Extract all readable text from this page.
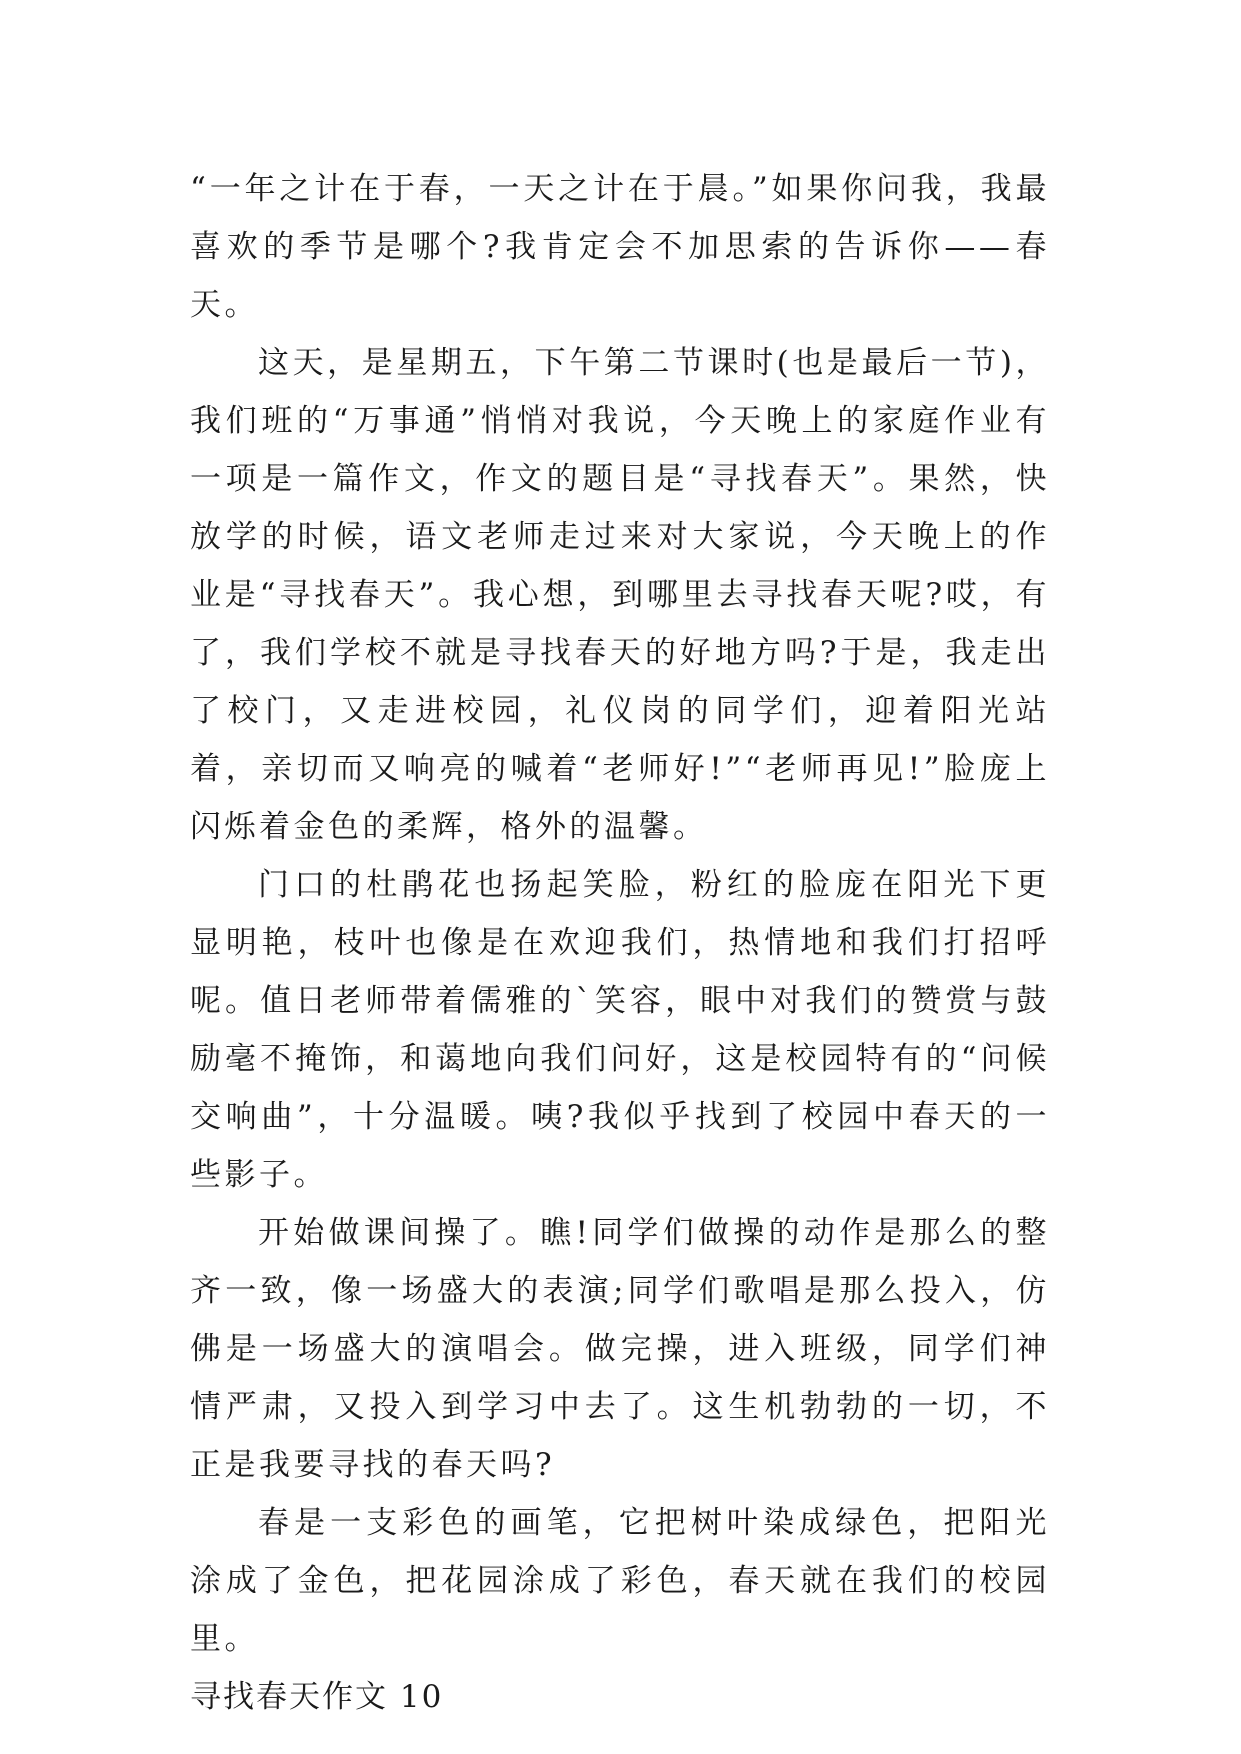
“一年之计在于春，一天之计在于晨。”如果你问我，我最喜欢的季节是哪个?我肯定会不加思索的告诉你——春天。

这天，是星期五，下午第二节课时(也是最后一节)，我们班的“万事通”悄悄对我说，今天晚上的家庭作业有一项是一篇作文，作文的题目是“寻找春天”。果然，快放学的时候，语文老师走过来对大家说，今天晚上的作业是“寻找春天”。我心想，到哪里去寻找春天呢?哎，有了，我们学校不就是寻找春天的好地方吗?于是，我走出了校门，又走进校园，礼仪岗的同学们，迎着阳光站着，亲切而又响亮的喊着“老师好!”“老师再见!”脸庞上闪烁着金色的柔辉，格外的温馨。

门口的杜鹃花也扬起笑脸，粉红的脸庞在阳光下更显明艳，枝叶也像是在欢迎我们，热情地和我们打招呼呢。值日老师带着儒雅的`笑容，眼中对我们的赞赏与鼓励毫不掩饰，和蔼地向我们问好，这是校园特有的“问候交响曲”，十分温暖。咦?我似乎找到了校园中春天的一些影子。

开始做课间操了。瞧!同学们做操的动作是那么的整齐一致，像一场盛大的表演;同学们歌唱是那么投入，仿佛是一场盛大的演唱会。做完操，进入班级，同学们神情严肃，又投入到学习中去了。这生机勃勃的一切，不正是我要寻找的春天吗?

春是一支彩色的画笔，它把树叶染成绿色，把阳光涂成了金色，把花园涂成了彩色，春天就在我们的校园里。

寻找春天作文 10
